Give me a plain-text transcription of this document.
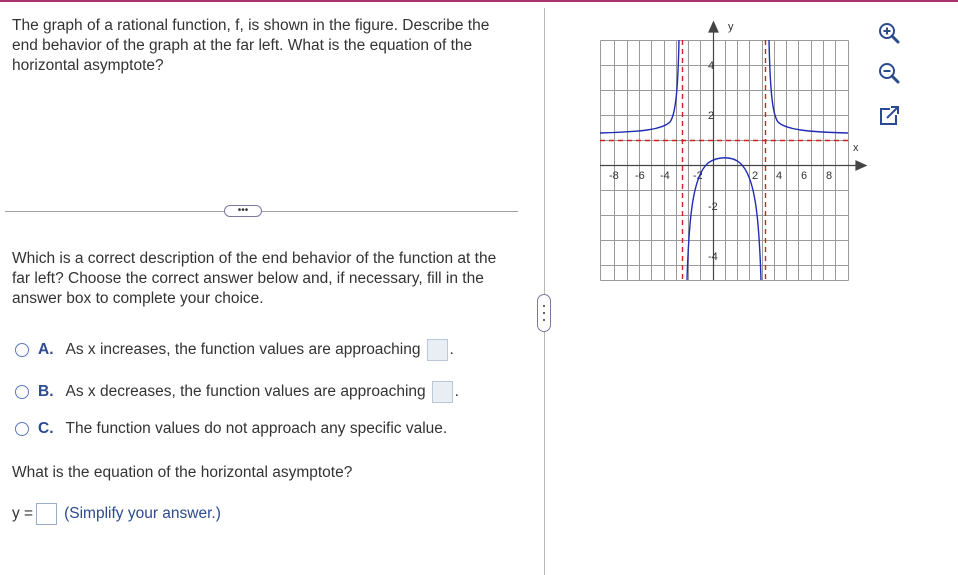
The graph of a rational function, f, is shown in the figure. Describe the end behavior of the graph at the far left. What is the equation of the horizontal asymptote?
•••
Which is a correct description of the end behavior of the function at the far left? Choose the correct answer below and, if necessary, fill in the answer box to complete your choice.
A. As x increases, the function values are approaching .
B. As x decreases, the function values are approaching .
C. The function values do not approach any specific value.
What is the equation of the horizontal asymptote?
y = (Simplify your answer.)
x
y
-8 -6 -4 -2	2 4 6 8
4
2
-2
-4
